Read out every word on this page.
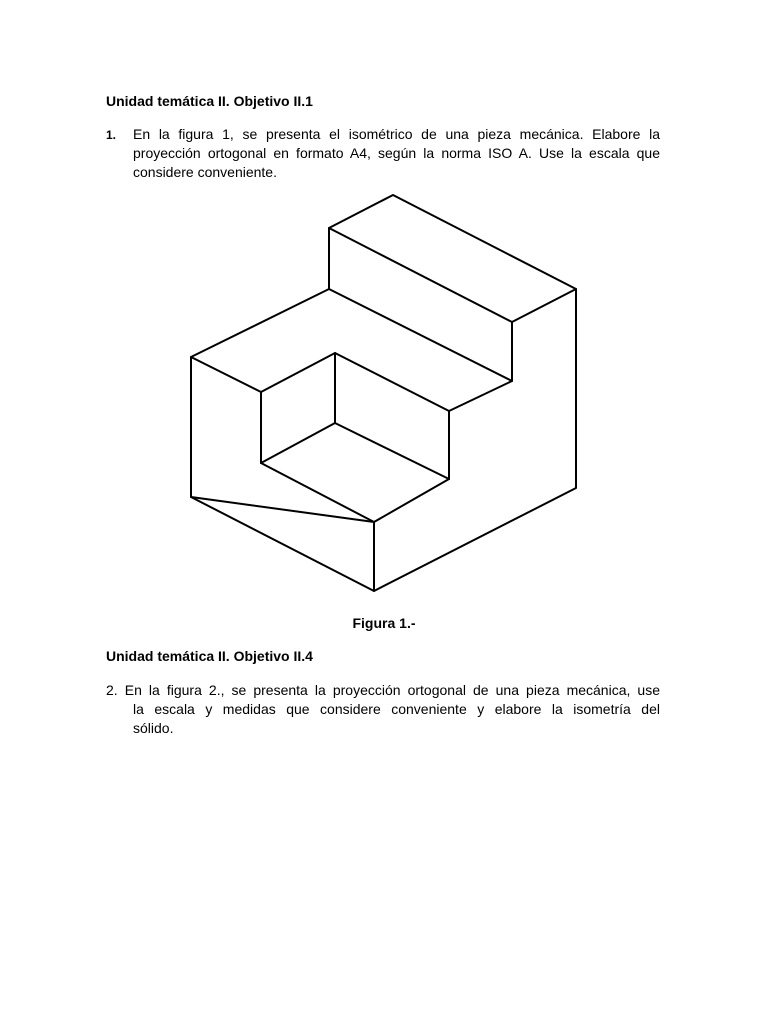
Unidad temática II. Objetivo II.1
1. En la figura 1, se presenta el isométrico de una pieza mecánica. Elabore la
proyección ortogonal en formato A4, según la norma ISO A. Use la escala que
considere conveniente.
Figura 1.-
Unidad temática II. Objetivo II.4
2. En la figura 2., se presenta la proyección ortogonal de una pieza mecánica, use
la escala y medidas que considere conveniente y elabore la isometría del
sólido.
